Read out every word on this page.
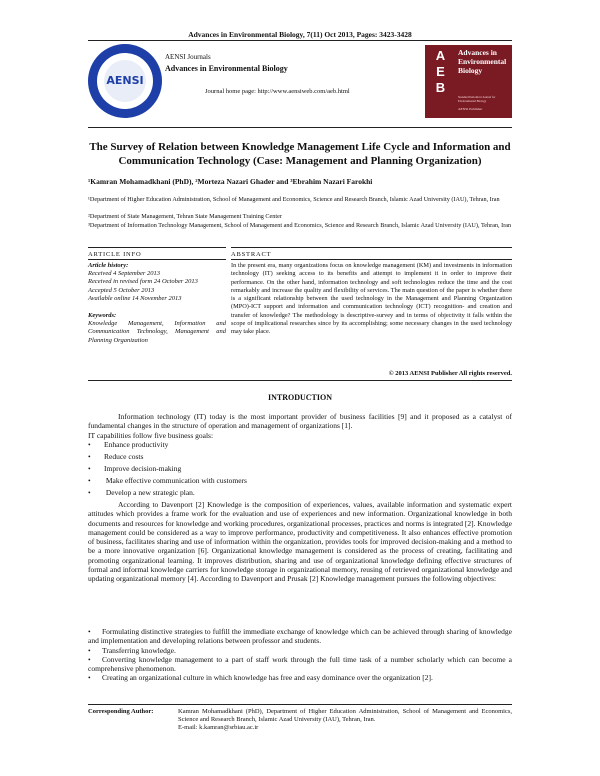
Advances in Environmental Biology, 7(11) Oct 2013, Pages: 3423-3428
AENSI
AENSI Journals
Advances in Environmental Biology
Journal home page: http://www.aensiweb.com/aeb.html
A
E
B
Advances in Environmental Biology
Standard Periodical Journal for Environmental Biology
AENSI Publisher
The Survey of Relation between Knowledge Management Life Cycle and Information and Communication Technology (Case: Management and Planning Organization)
¹Kamran Mohamadkhani (PhD), ²Morteza Nazari Ghader and ³Ebrahim Nazari Farokhi
¹Department of Higher Education Administration, School of Management and Economics, Science and Research Branch, Islamic Azad University (IAU), Tehran, Iran
²Department of State Management, Tehran State Management Training Center
³Department of Information Technology Management, School of Management and Economics, Science and Research Branch, Islamic Azad University (IAU), Tehran, Iran
ARTICLE INFO	ABSTRACT
Article history:
Received 4 September 2013
Received in revised form 24 October 2013
Accepted 5 October 2013
Available online 14 November 2013

Keywords:

Knowledge Management, Information and Communication Technology, Management and Planning Organization
In the present era, many organizations focus on knowledge management (KM) and investments in information technology (IT) seeking access to its benefits and attempt to implement it in order to improve their performance. On the other hand, information technology and soft technologies reduce the time and the cost remarkably and increase the quality and flexibility of services. The main question of the paper is whether there is a significant relationship between the used technology in the Management and Planning Organization (MPO)-ICT support and information and communication technology (ICT) recognition- and creation and transfer of knowledge? The methodology is descriptive-survey and in terms of objectivity it falls within the scope of implicational researches since by its accomplishing; some necessary changes in the used technology may take place.
© 2013 AENSI Publisher All rights reserved.
INTRODUCTION

Information technology (IT) today is the most important provider of business facilities [9] and it proposed as a catalyst of fundamental changes in the structure of operation and management of organizations [1].

IT capabilities follow five business goals:

• Enhance productivity
• Reduce costs
• Improve decision-making
• Make effective communication with customers
• Develop a new strategic plan.

According to Davenport [2] Knowledge is the composition of experiences, values, available information and systematic expert attitudes which provides a frame work for the evaluation and use of experiences and new information. Organizational knowledge in both documents and resources for knowledge and working procedures, organizational processes, practices and norms is integrated [2]. Knowledge management could be considered as a way to improve performance, productivity and competitiveness. It also enhances effective promotion of business, facilitates sharing and use of information within the organization, provides tools for improved decision-making and a method to be a more innovative organization [6]. Organizational knowledge management is considered as the process of creating, facilitating and promoting organizational learning. It improves distribution, sharing and use of organizational knowledge defining effective structures of formal and informal knowledge carriers for knowledge storage in organizational memory, reusing of retrieved organizational knowledge and updating organizational memory [4]. According to Davenport and Prusak [2] Knowledge management pursues the following objectives:

• Formulating distinctive strategies to fulfill the immediate exchange of knowledge which can be achieved through sharing of knowledge and implementation and developing relations between professor and students.

• Transferring knowledge.

• Converting knowledge management to a part of staff work through the full time task of a number scholarly which can become a comprehensive phenomenon.

• Creating an organizational culture in which knowledge has free and easy dominance over the organization [2].

Corresponding Author:	Kamran Mohamadkhani (PhD), Department of Higher Education Administration, School of Management and Economics, Science and Research Branch, Islamic Azad University (IAU), Tehran, Iran.
E-mail: k.kamran@srbiau.ac.ir
